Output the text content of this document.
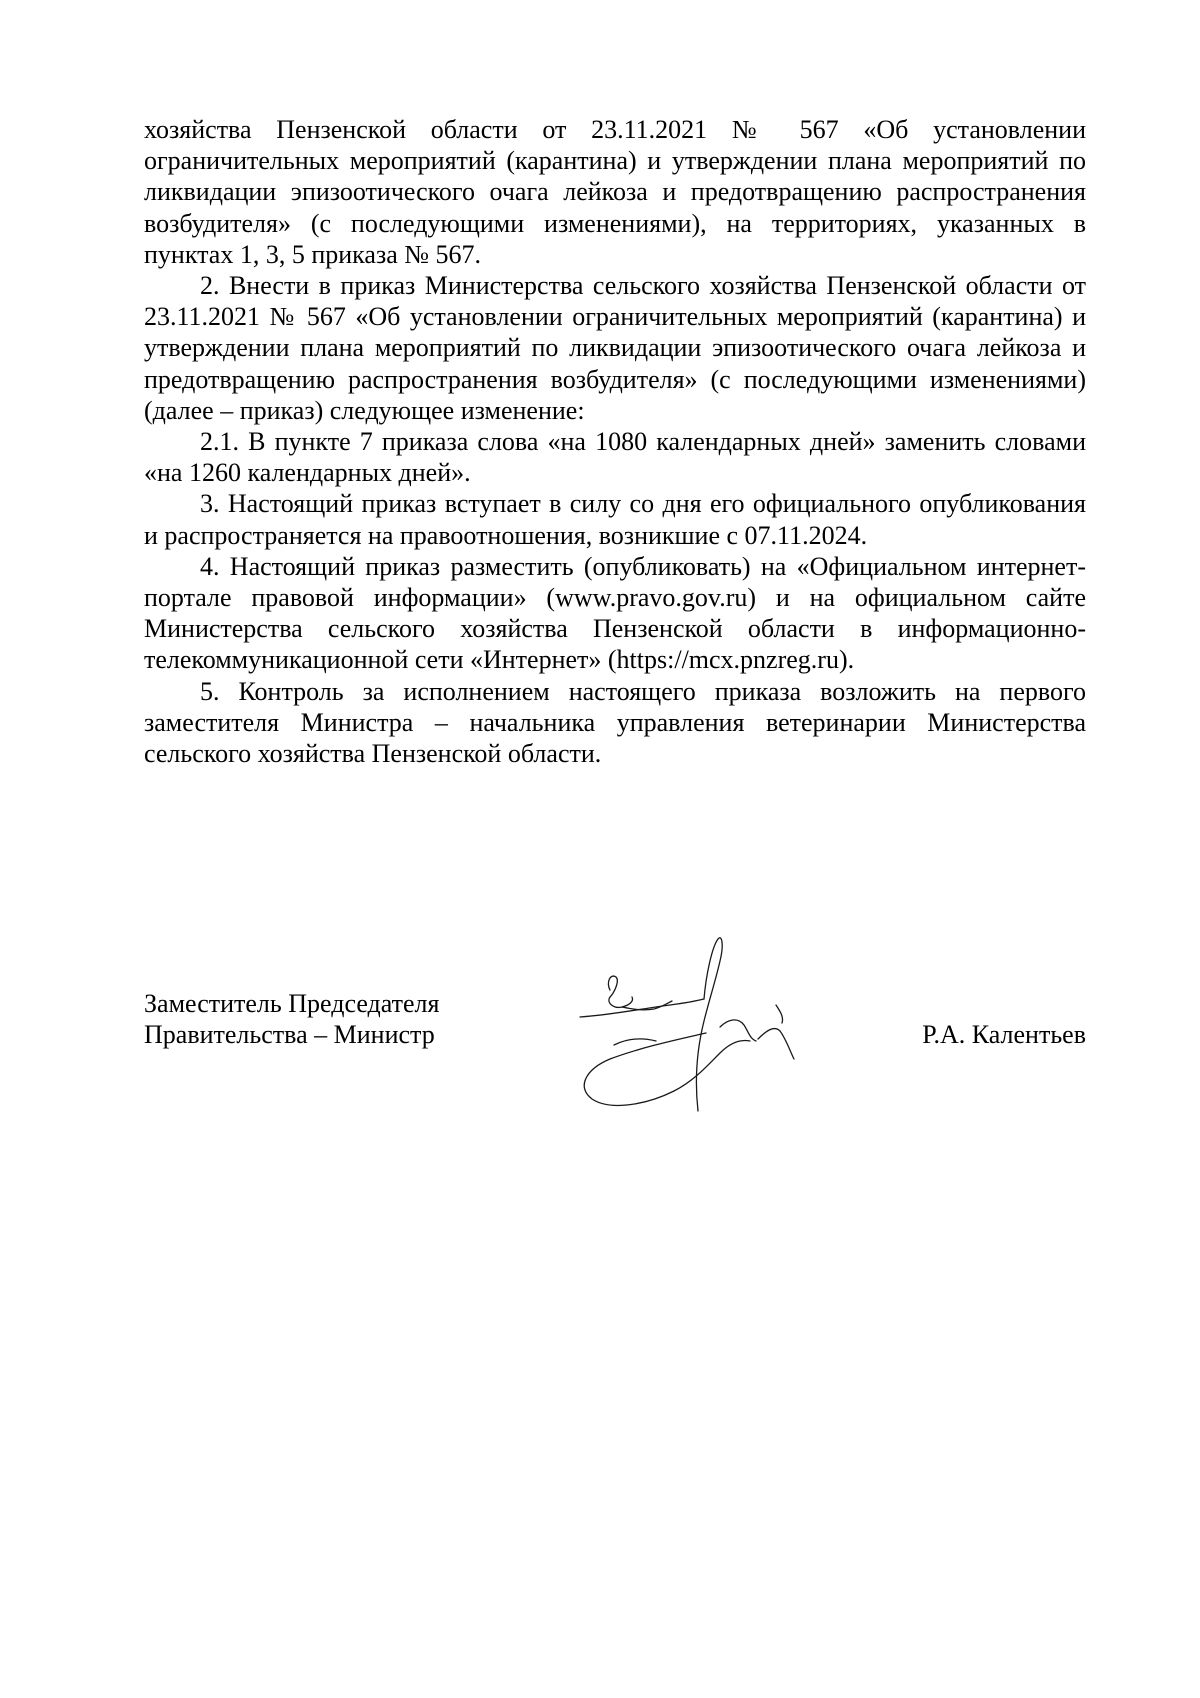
хозяйства Пензенской области от 23.11.2021 № 567 «Об установлении ограничительных мероприятий (карантина) и утверждении плана мероприятий по ликвидации эпизоотического очага лейкоза и предотвращению распространения возбудителя» (с последующими изменениями), на территориях, указанных в пунктах 1, 3, 5 приказа № 567.

2. Внести в приказ Министерства сельского хозяйства Пензенской области от 23.11.2021 № 567 «Об установлении ограничительных мероприятий (карантина) и утверждении плана мероприятий по ликвидации эпизоотического очага лейкоза и предотвращению распространения возбудителя» (с последующими изменениями) (далее – приказ) следующее изменение:

2.1. В пункте 7 приказа слова «на 1080 календарных дней» заменить словами «на 1260 календарных дней».

3. Настоящий приказ вступает в силу со дня его официального опубликования и распространяется на правоотношения, возникшие с 07.11.2024.

4. Настоящий приказ разместить (опубликовать) на «Официальном интернет-портале правовой информации» (www.pravo.gov.ru) и на официальном сайте Министерства сельского хозяйства Пензенской области в информационно-телекоммуникационной сети «Интернет» (https://mcx.pnzreg.ru).

5. Контроль за исполнением настоящего приказа возложить на первого заместителя Министра – начальника управления ветеринарии Министерства сельского хозяйства Пензенской области.

Заместитель Председателя
Правительства – Министр	Р.А. Калентьев
